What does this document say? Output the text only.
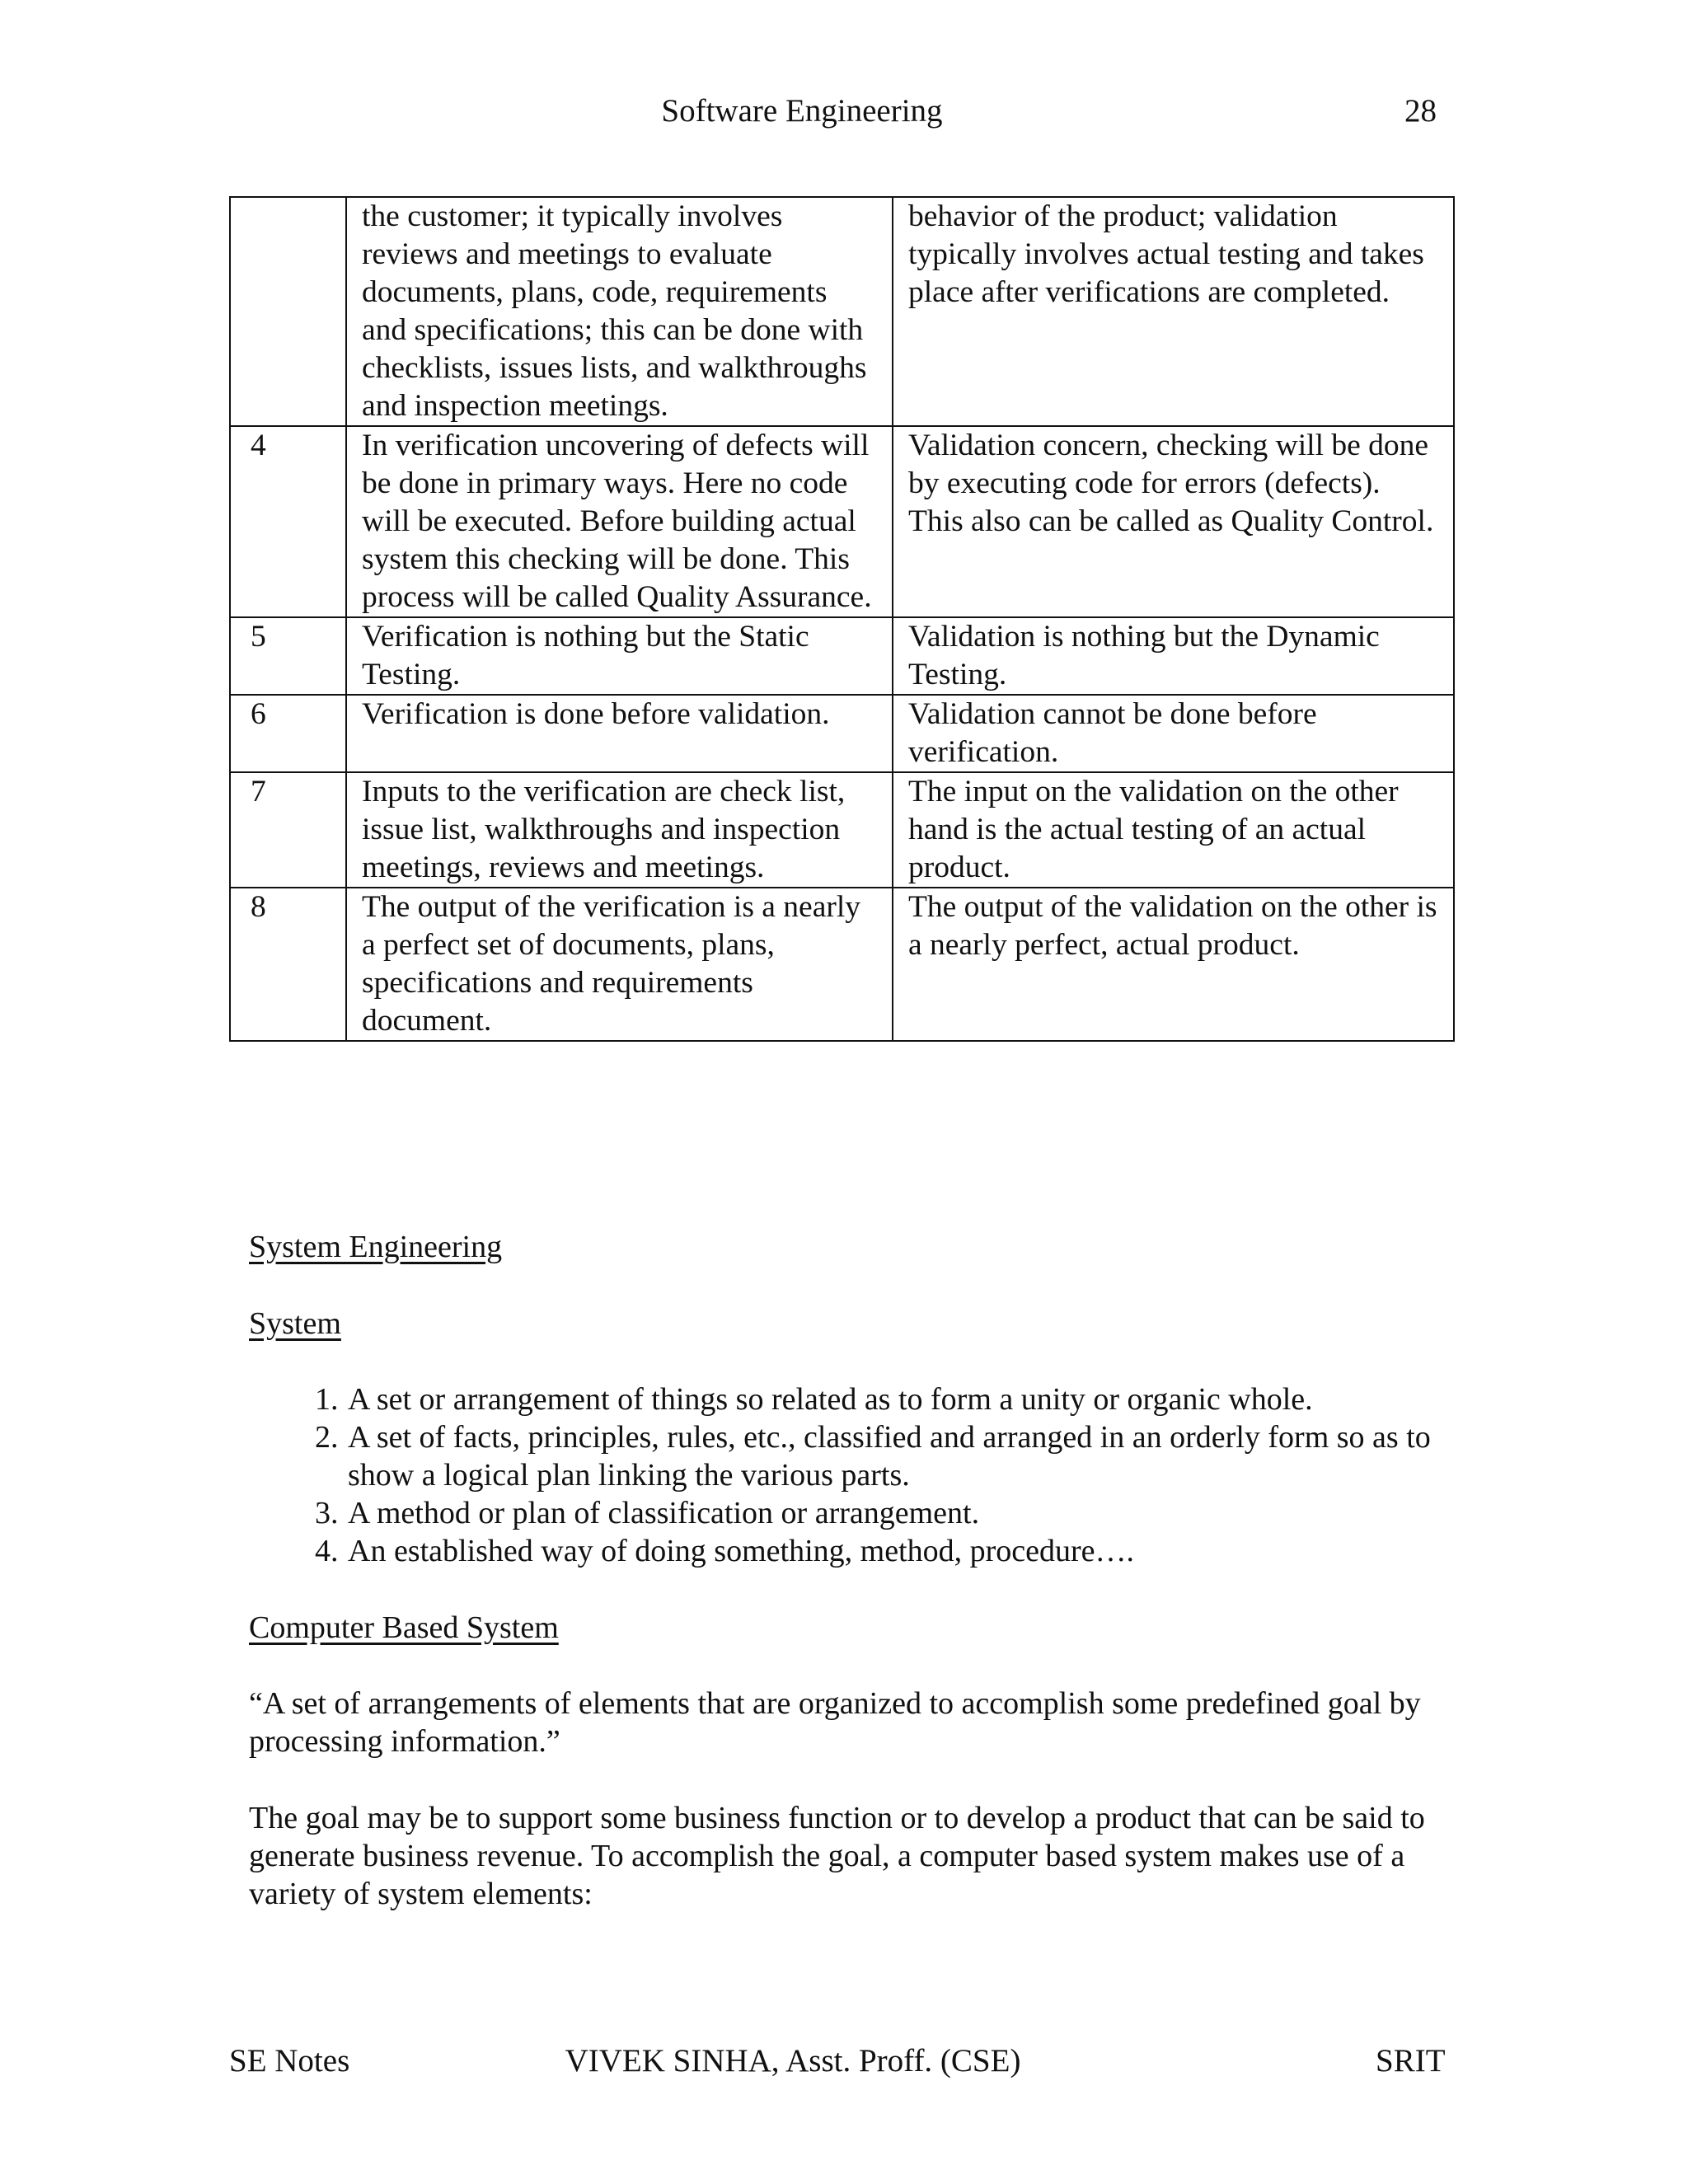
Software Engineering	28
	the customer; it typically involves reviews and meetings to evaluate documents, plans, code, requirements and specifications; this can be done with checklists, issues lists, and walkthroughs and inspection meetings.	behavior of the product; validation typically involves actual testing and takes place after verifications are completed.
4	In verification uncovering of defects will be done in primary ways. Here no code will be executed. Before building actual system this checking will be done. This process will be called Quality Assurance.	Validation concern, checking will be done by executing code for errors (defects). This also can be called as Quality Control.
5	Verification is nothing but the Static Testing.	Validation is nothing but the Dynamic Testing.
6	Verification is done before validation.	Validation cannot be done before verification.
7	Inputs to the verification are check list, issue list, walkthroughs and inspection meetings, reviews and meetings.	The input on the validation on the other hand is the actual testing of an actual product.
8	The output of the verification is a nearly a perfect set of documents, plans, specifications and requirements document.	The output of the validation on the other is a nearly perfect, actual product.
System Engineering
System
1. A set or arrangement of things so related as to form a unity or organic whole.
2. A set of facts, principles, rules, etc., classified and arranged in an orderly form so as to show a logical plan linking the various parts.
3. A method or plan of classification or arrangement.
4. An established way of doing something, method, procedure….
Computer Based System
“A set of arrangements of elements that are organized to accomplish some predefined goal by processing information.”
The goal may be to support some business function or to develop a product that can be said to generate business revenue. To accomplish the goal, a computer based system makes use of a variety of system elements:
SE Notes	VIVEK SINHA, Asst. Proff. (CSE)	SRIT
